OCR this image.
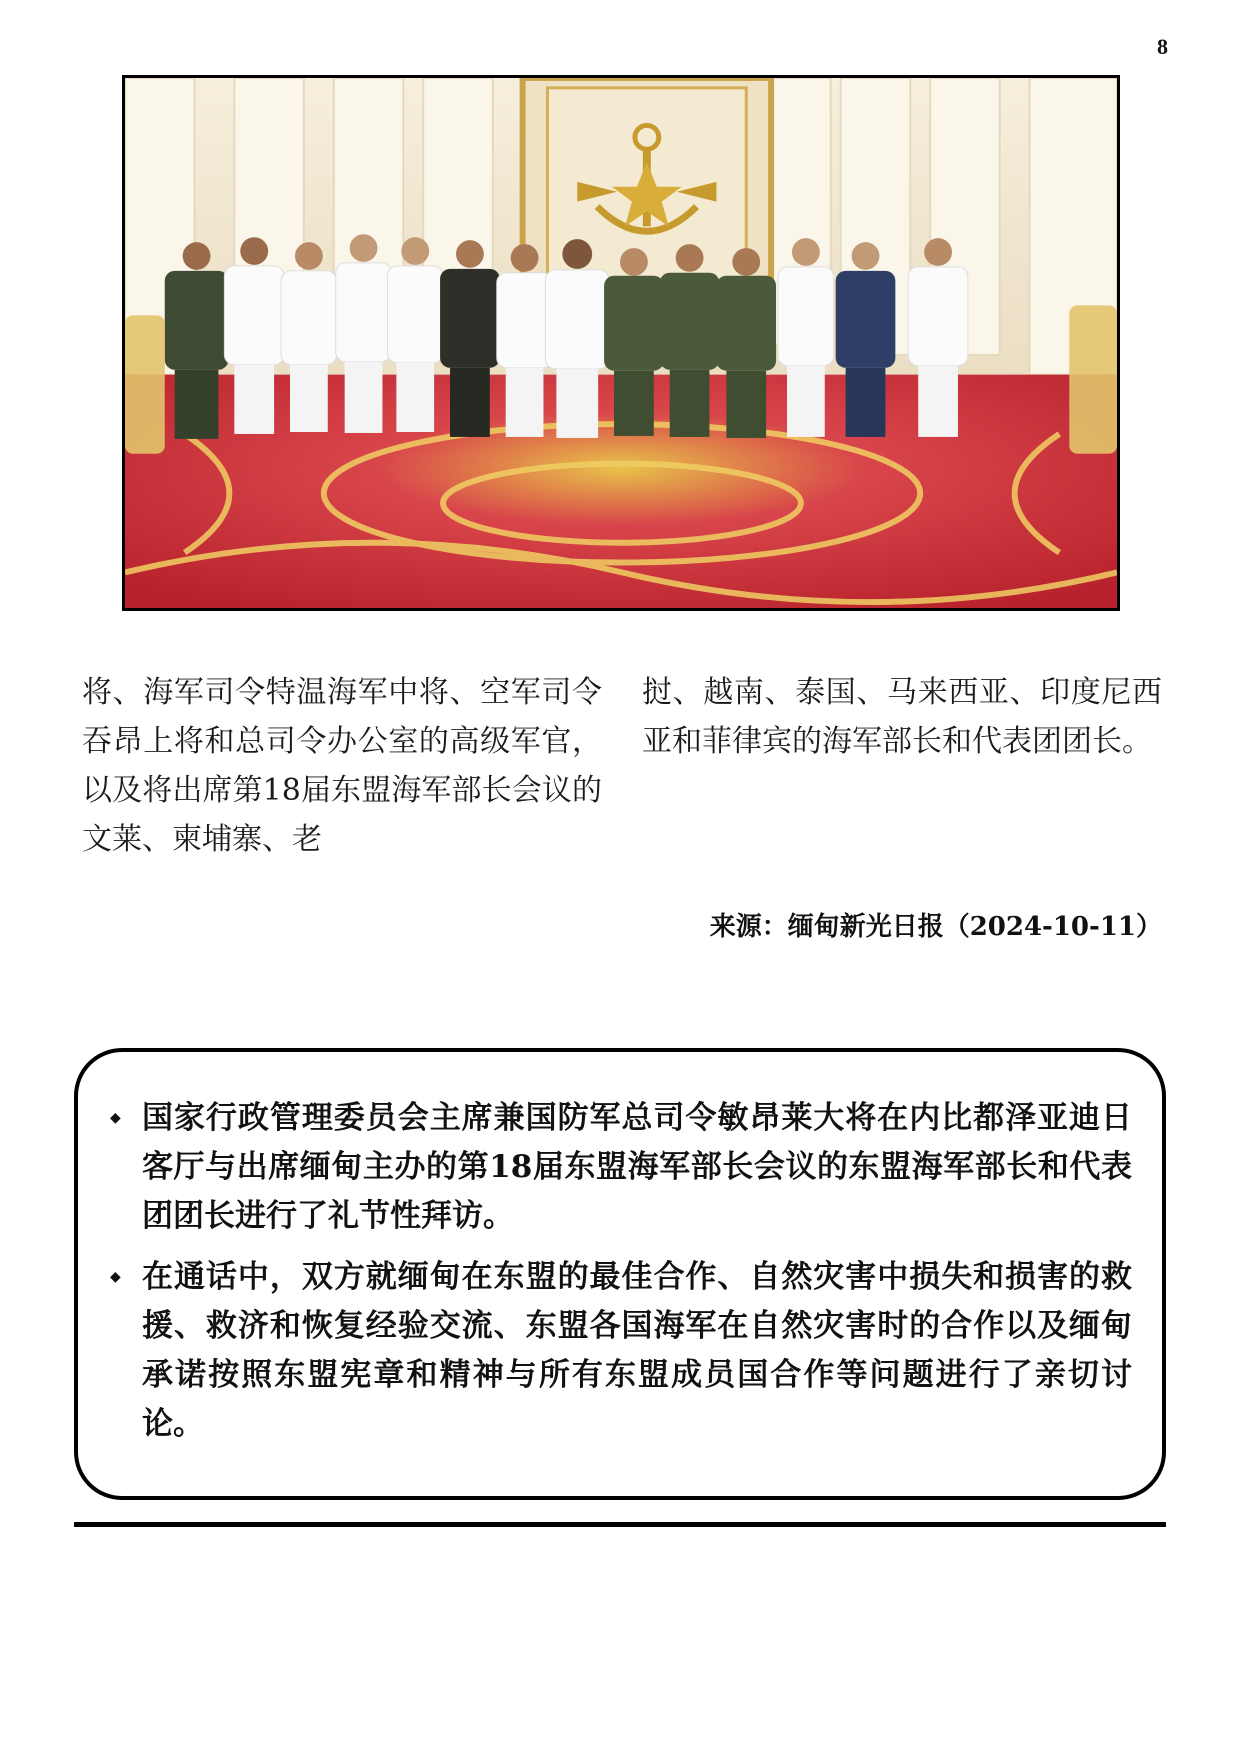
8
将、海军司令特温海军中将、空军司令吞昂上将和总司令办公室的高级军官，以及将出席第18届东盟海军部长会议的文莱、柬埔寨、老
挝、越南、泰国、马来西亚、印度尼西亚和菲律宾的海军部长和代表团团长。
来源：缅甸新光日报（2024-10-11）
◆ 国家行政管理委员会主席兼国防军总司令敏昂莱大将在内比都泽亚迪日客厅与出席缅甸主办的第18届东盟海军部长会议的东盟海军部长和代表团团长进行了礼节性拜访。
◆ 在通话中，双方就缅甸在东盟的最佳合作、自然灾害中损失和损害的救援、救济和恢复经验交流、东盟各国海军在自然灾害时的合作以及缅甸承诺按照东盟宪章和精神与所有东盟成员国合作等问题进行了亲切讨论。
